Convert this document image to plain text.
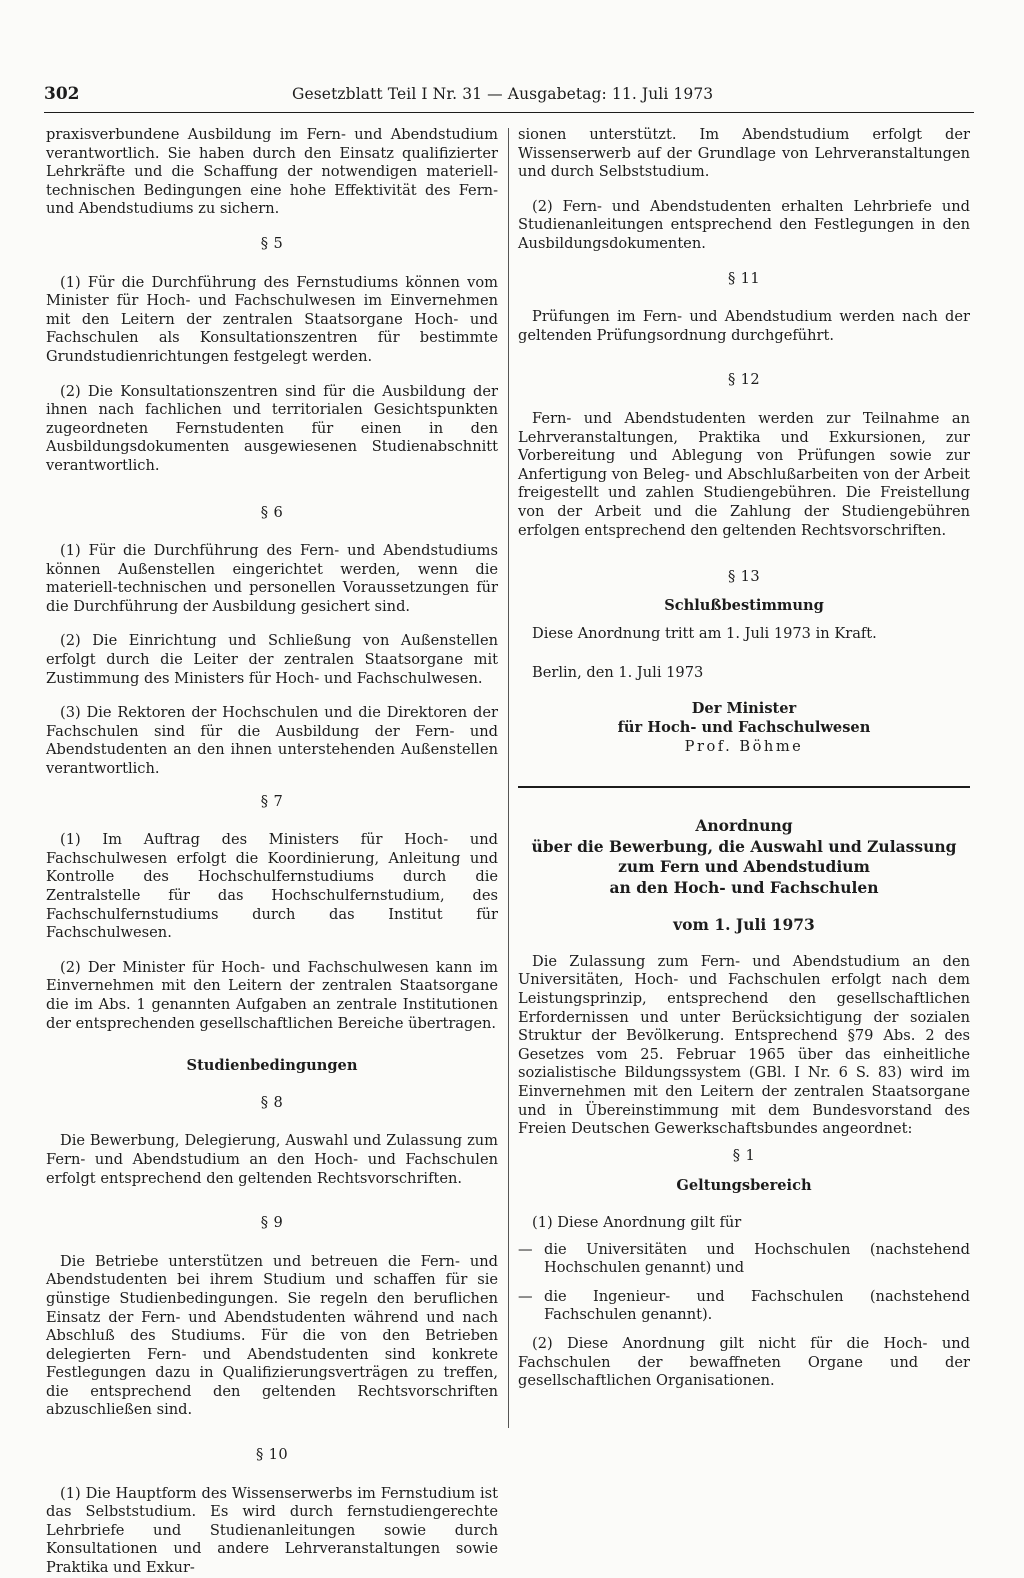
302	Gesetzblatt Teil I Nr. 31 — Ausgabetag: 11. Juli 1973

praxisverbundene Ausbildung im Fern- und Abendstudium verantwortlich. Sie haben durch den Einsatz qualifizierter Lehrkräfte und die Schaffung der notwendigen materiell-technischen Bedingungen eine hohe Effektivität des Fern- und Abendstudiums zu sichern.

§ 5

(1) Für die Durchführung des Fernstudiums können vom Minister für Hoch- und Fachschulwesen im Einvernehmen mit den Leitern der zentralen Staatsorgane Hoch- und Fachschulen als Konsultationszentren für bestimmte Grundstudienrichtungen festgelegt werden.

(2) Die Konsultationszentren sind für die Ausbildung der ihnen nach fachlichen und territorialen Gesichtspunkten zugeordneten Fernstudenten für einen in den Ausbildungsdokumenten ausgewiesenen Studienabschnitt verantwortlich.

§ 6

(1) Für die Durchführung des Fern- und Abendstudiums können Außenstellen eingerichtet werden, wenn die materiell-technischen und personellen Voraussetzungen für die Durchführung der Ausbildung gesichert sind.

(2) Die Einrichtung und Schließung von Außenstellen erfolgt durch die Leiter der zentralen Staatsorgane mit Zustimmung des Ministers für Hoch- und Fachschulwesen.

(3) Die Rektoren der Hochschulen und die Direktoren der Fachschulen sind für die Ausbildung der Fern- und Abendstudenten an den ihnen unterstehenden Außenstellen verantwortlich.

§ 7

(1) Im Auftrag des Ministers für Hoch- und Fachschulwesen erfolgt die Koordinierung, Anleitung und Kontrolle des Hochschulfernstudiums durch die Zentralstelle für das Hochschulfernstudium, des Fachschulfernstudiums durch das Institut für Fachschulwesen.

(2) Der Minister für Hoch- und Fachschulwesen kann im Einvernehmen mit den Leitern der zentralen Staatsorgane die im Abs. 1 genannten Aufgaben an zentrale Institutionen der entsprechenden gesellschaftlichen Bereiche übertragen.

Studienbedingungen

§ 8

Die Bewerbung, Delegierung, Auswahl und Zulassung zum Fern- und Abendstudium an den Hoch- und Fachschulen erfolgt entsprechend den geltenden Rechtsvorschriften.

§ 9

Die Betriebe unterstützen und betreuen die Fern- und Abendstudenten bei ihrem Studium und schaffen für sie günstige Studienbedingungen. Sie regeln den beruflichen Einsatz der Fern- und Abendstudenten während und nach Abschluß des Studiums. Für die von den Betrieben delegierten Fern- und Abendstudenten sind konkrete Festlegungen dazu in Qualifizierungsverträgen zu treffen, die entsprechend den geltenden Rechtsvorschriften abzuschließen sind.

§ 10

(1) Die Hauptform des Wissenserwerbs im Fernstudium ist das Selbststudium. Es wird durch fernstudiengerechte Lehrbriefe und Studienanleitungen sowie durch Konsultationen und andere Lehrveranstaltungen sowie Praktika und Exkur-

sionen unterstützt. Im Abendstudium erfolgt der Wissenserwerb auf der Grundlage von Lehrveranstaltungen und durch Selbststudium.

(2) Fern- und Abendstudenten erhalten Lehrbriefe und Studienanleitungen entsprechend den Festlegungen in den Ausbildungsdokumenten.

§ 11

Prüfungen im Fern- und Abendstudium werden nach der geltenden Prüfungsordnung durchgeführt.

§ 12

Fern- und Abendstudenten werden zur Teilnahme an Lehrveranstaltungen, Praktika und Exkursionen, zur Vorbereitung und Ablegung von Prüfungen sowie zur Anfertigung von Beleg- und Abschlußarbeiten von der Arbeit freigestellt und zahlen Studiengebühren. Die Freistellung von der Arbeit und die Zahlung der Studiengebühren erfolgen entsprechend den geltenden Rechtsvorschriften.

§ 13

Schlußbestimmung

Diese Anordnung tritt am 1. Juli 1973 in Kraft.

Berlin, den 1. Juli 1973

Der Minister

für Hoch- und Fachschulwesen

Prof. Böhme

Anordnung
über die Bewerbung, die Auswahl und Zulassung
zum Fern und Abendstudium
an den Hoch- und Fachschulen

vom 1. Juli 1973

Die Zulassung zum Fern- und Abendstudium an den Universitäten, Hoch- und Fachschulen erfolgt nach dem Leistungsprinzip, entsprechend den gesellschaftlichen Erfordernissen und unter Berücksichtigung der sozialen Struktur der Bevölkerung. Entsprechend §79 Abs. 2 des Gesetzes vom 25. Februar 1965 über das einheitliche sozialistische Bildungssystem (GBl. I Nr. 6 S. 83) wird im Einvernehmen mit den Leitern der zentralen Staatsorgane und in Übereinstimmung mit dem Bundesvorstand des Freien Deutschen Gewerkschaftsbundes angeordnet:

§ 1

Geltungsbereich

(1) Diese Anordnung gilt für

— die Universitäten und Hochschulen (nachstehend Hochschulen genannt) und
— die Ingenieur- und Fachschulen (nachstehend Fachschulen genannt).

(2) Diese Anordnung gilt nicht für die Hoch- und Fachschulen der bewaffneten Organe und der gesellschaftlichen Organisationen.
